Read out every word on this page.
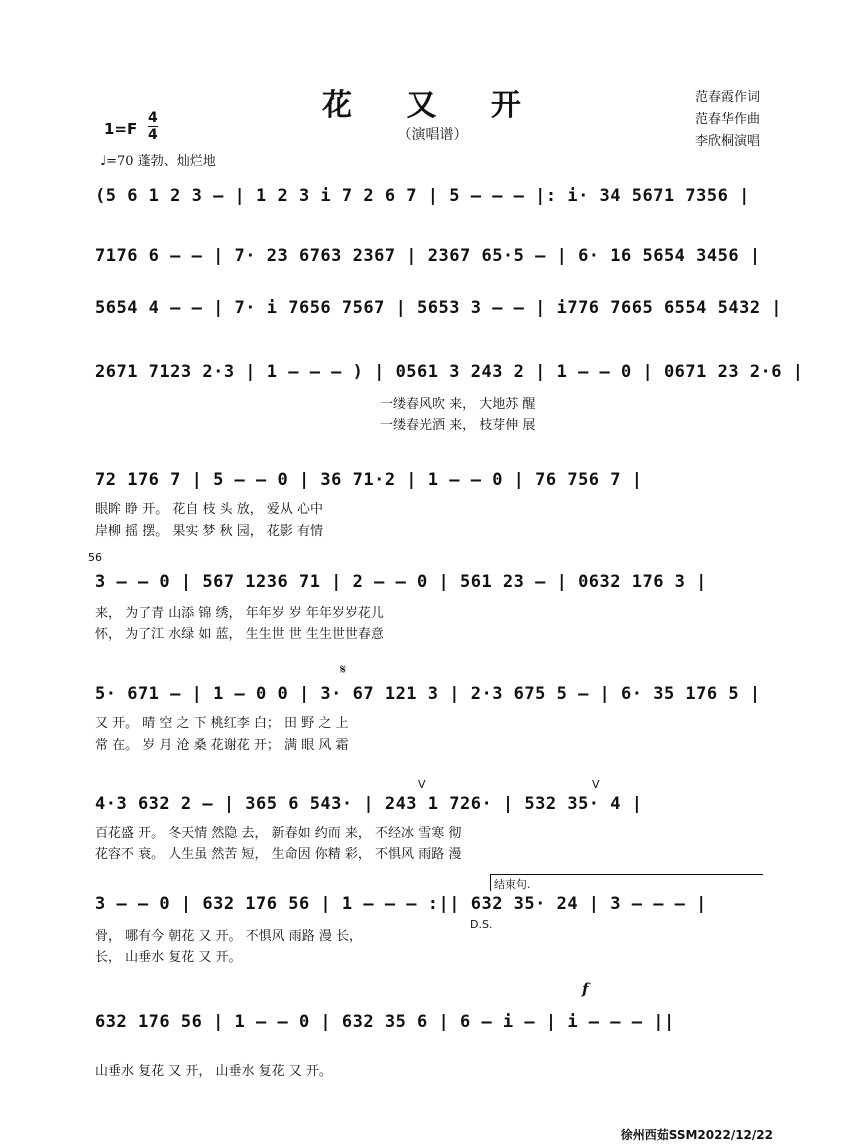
花 又 开
（演唱谱）
1=F
4
4
♩=70 蓬勃、灿烂地
范春霞作词
范春华作曲
李欣桐演唱
(5 6 1 2 3 – | 1 2 3 i 7 2 6 7 | 5 – – – |: i· 34 5671 7356 |
7176 6 – – | 7· 23 6763 2367 | 2367 65·5 – | 6· 16 5654 3456 |
5654 4 – – | 7· i 7656 7567 | 5653 3 – – | i776 7665 6554 5432 |
2671 7123 2·3 | 1 – – – ) | 0561 3 243 2 | 1 – – 0 | 0671 23 2·6 |
一缕春风吹 来， 大地苏 醒
一缕春光洒 来， 枝芽伸 展
72 176 7 | 5 – – 0 | 36 71·2 | 1 – – 0 | 76 756 7 |
眼眸 睁 开。 花自 枝 头 放， 爱从 心中
岸柳 摇 摆。 果实 梦 秋 园， 花影 有情
56
3 – – 0 | 567 1236 71 | 2 – – 0 | 561 23 – | 0632 176 3 |
来， 为了青 山添 锦 绣， 年年岁 岁 年年岁岁花儿
怀， 为了江 水绿 如 蓝， 生生世 世 生生世世春意
𝄋
5· 671 – | 1 – 0 0 | 3· 67 121 3 | 2·3 675 5 – | 6· 35 176 5 |
又 开。 晴 空 之 下 桃红李 白； 田 野 之 上
常 在。 岁 月 沧 桑 花谢花 开； 满 眼 风 霜
V	V
4·3 632 2 – | 365 6 543· | 243 1 726· | 532 35· 4 |
百花盛 开。 冬天情 然隐 去， 新春如 约而 来， 不经冰 雪寒 彻
花容不 衰。 人生虽 然苦 短， 生命因 你精 彩， 不惧风 雨路 漫
结束句.
3 – – 0 | 632 176 56 | 1 – – – :|| 632 35· 24 | 3 – – – |
D.S.
骨， 哪有今 朝花 又 开。 不惧风 雨路 漫 长，
长， 山垂水 复花 又 开。
f
632 176 56 | 1 – – 0 | 632 35 6 | 6 – i – | i – – – ||
山垂水 复花 又 开， 山垂水 复花 又 开。
徐州西茹SSM2022/12/22
